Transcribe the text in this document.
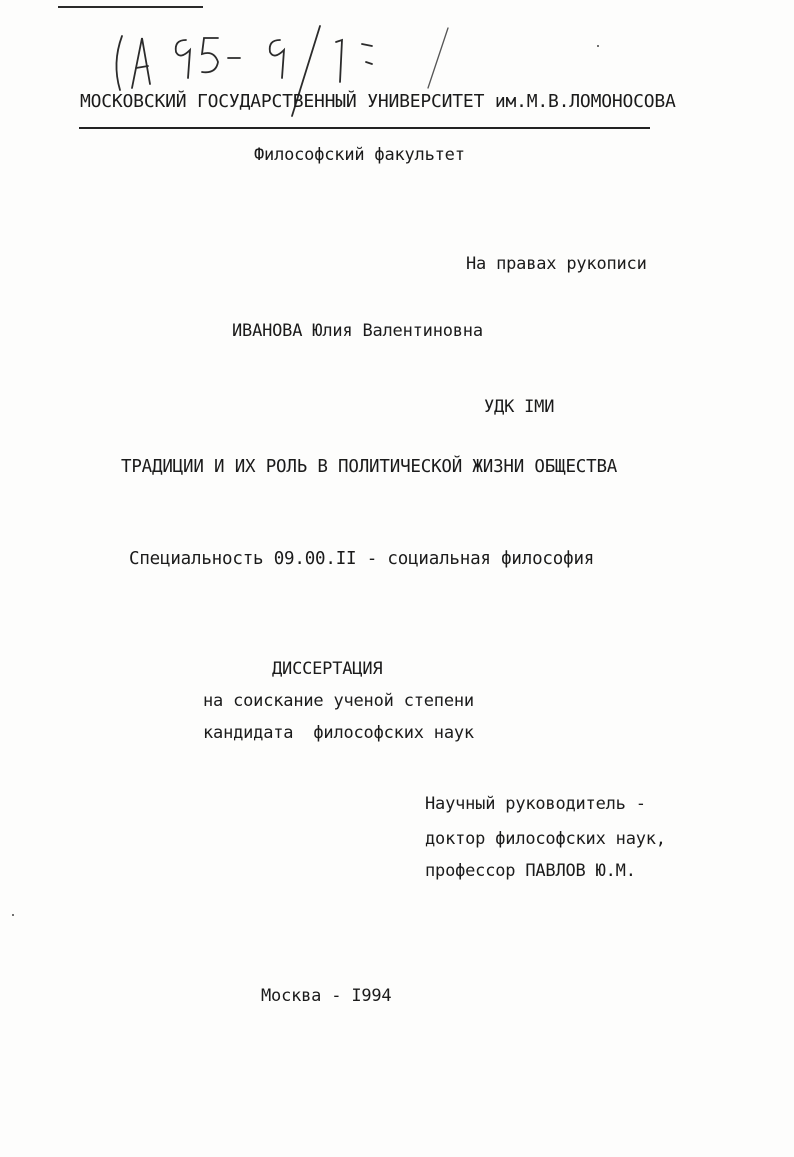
МОСКОВСКИЙ ГОСУДАРСТВЕННЫЙ УНИВЕРСИТЕТ им.М.В.ЛОМОНОСОВА
Философский факультет
На правах рукописи
ИВАНОВА Юлия Валентиновна
УДК IМИ
ТРАДИЦИИ И ИХ РОЛЬ В ПОЛИТИЧЕСКОЙ ЖИЗНИ ОБЩЕСТВА
Специальность 09.00.II - социальная философия
ДИССЕРТАЦИЯ
на соискание ученой степени
кандидата  философских наук
Научный руководитель -
доктор философских наук,
профессор ПАВЛОВ Ю.М.
Москва - I994
